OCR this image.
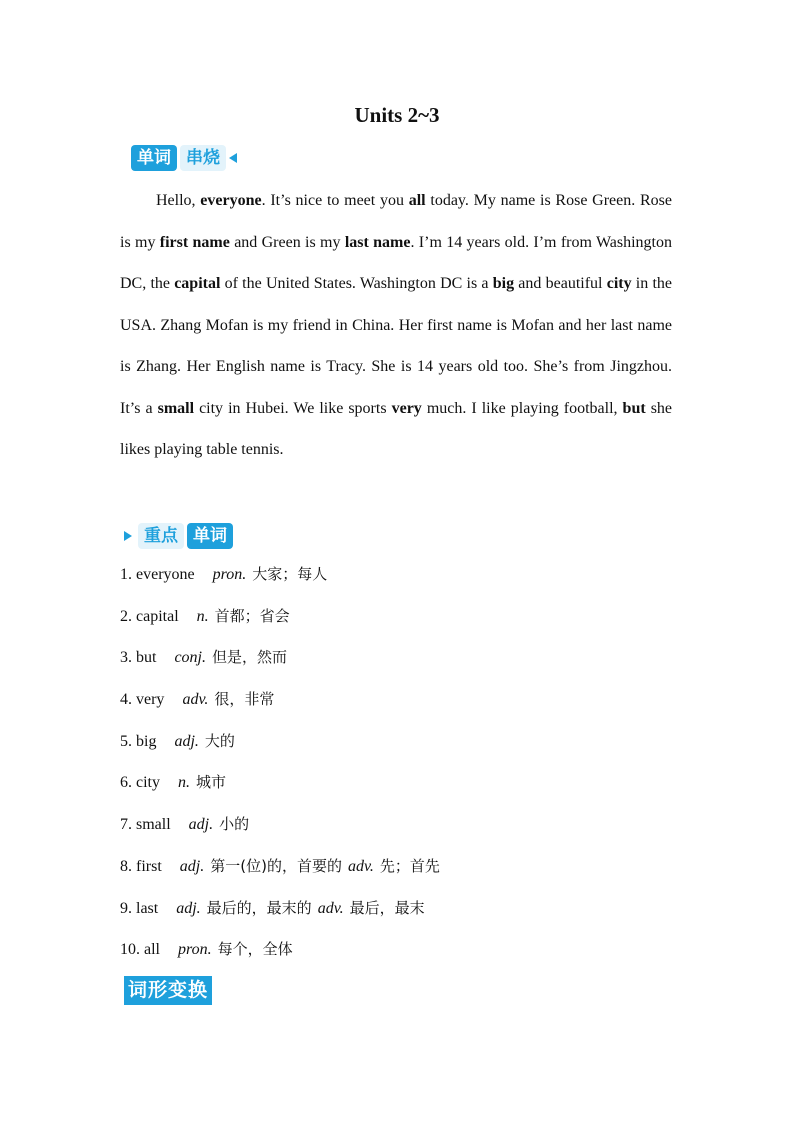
Units 2~3
单词 串烧
Hello, everyone. It’s nice to meet you all today. My name is Rose Green. Rose is my first name and Green is my last name. I’m 14 years old. I’m from Washington DC, the capital of the United States. Washington DC is a big and beautiful city in the USA. Zhang Mofan is my friend in China. Her first name is Mofan and her last name is Zhang. Her English name is Tracy. She is 14 years old too. She’s from Jingzhou. It’s a small city in Hubei. We like sports very much. I like playing football, but she likes playing table tennis.
重点 单词
1. everyone pron. 大家；每人
2. capital n. 首都；省会
3. but conj. 但是，然而
4. very adv. 很，非常
5. big adj. 大的
6. city n. 城市
7. small adj. 小的
8. first adj. 第一(位)的，首要的 adv. 先；首先
9. last adj. 最后的，最末的 adv. 最后，最末
10. all pron. 每个，全体
词形变换
